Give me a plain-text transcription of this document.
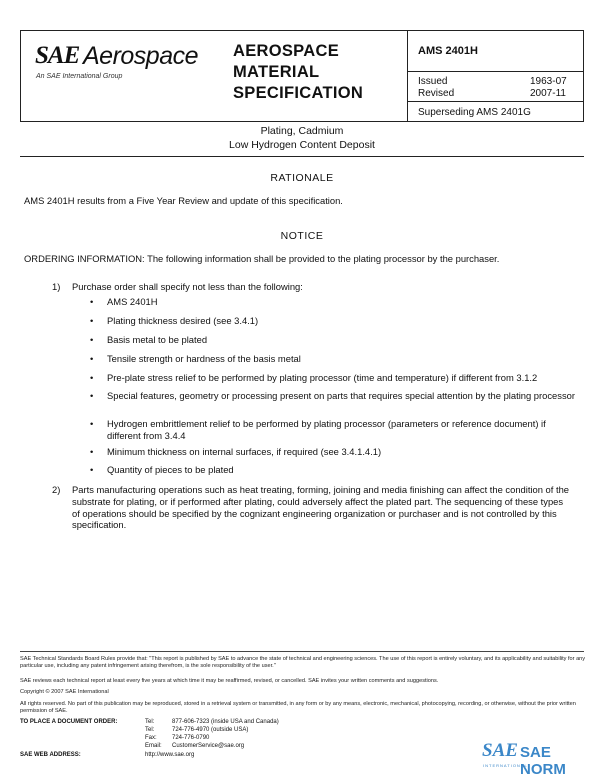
SAE Aerospace
An SAE International Group
AEROSPACE
MATERIAL
SPECIFICATION
AMS 2401H
Issued	1963-07
Revised	2007-11
Superseding AMS 2401G
Plating, Cadmium
Low Hydrogen Content Deposit
RATIONALE
AMS 2401H results from a Five Year Review and update of this specification.
NOTICE
ORDERING INFORMATION: The following information shall be provided to the plating processor by the purchaser.
1) Purchase order shall specify not less than the following:
• AMS 2401H
• Plating thickness desired (see 3.4.1)
• Basis metal to be plated
• Tensile strength or hardness of the basis metal
• Pre-plate stress relief to be performed by plating processor (time and temperature) if different from 3.1.2
• Special features, geometry or processing present on parts that requires special attention by the plating processor
• Hydrogen embrittlement relief to be performed by plating processor (parameters or reference document) if different from 3.4.4
• Minimum thickness on internal surfaces, if required (see 3.4.1.4.1)
• Quantity of pieces to be plated
2) Parts manufacturing operations such as heat treating, forming, joining and media finishing can affect the condition of the substrate for plating, or if performed after plating, could adversely affect the plated part. The sequencing of these types of operations should be specified by the cognizant engineering organization or purchaser and is not controlled by this specification.
SAE Technical Standards Board Rules provide that: "This report is published by SAE to advance the state of technical and engineering sciences. The use of this report is entirely voluntary, and its applicability and suitability for any particular use, including any patent infringement arising therefrom, is the sole responsibility of the user."
SAE reviews each technical report at least every five years at which time it may be reaffirmed, revised, or cancelled. SAE invites your written comments and suggestions.
Copyright © 2007 SAE International
All rights reserved. No part of this publication may be reproduced, stored in a retrieval system or transmitted, in any form or by any means, electronic, mechanical, photocopying, recording, or otherwise, without the prior written permission of SAE.
TO PLACE A DOCUMENT ORDER:	Tel:	877-606-7323 (inside USA and Canada)
Tel:	724-776-4970 (outside USA)
Fax:	724-776-0790
Email: CustomerService@sae.org
SAE WEB ADDRESS:	http://www.sae.org	SAE SAE NORM
INTERNATIONAL
